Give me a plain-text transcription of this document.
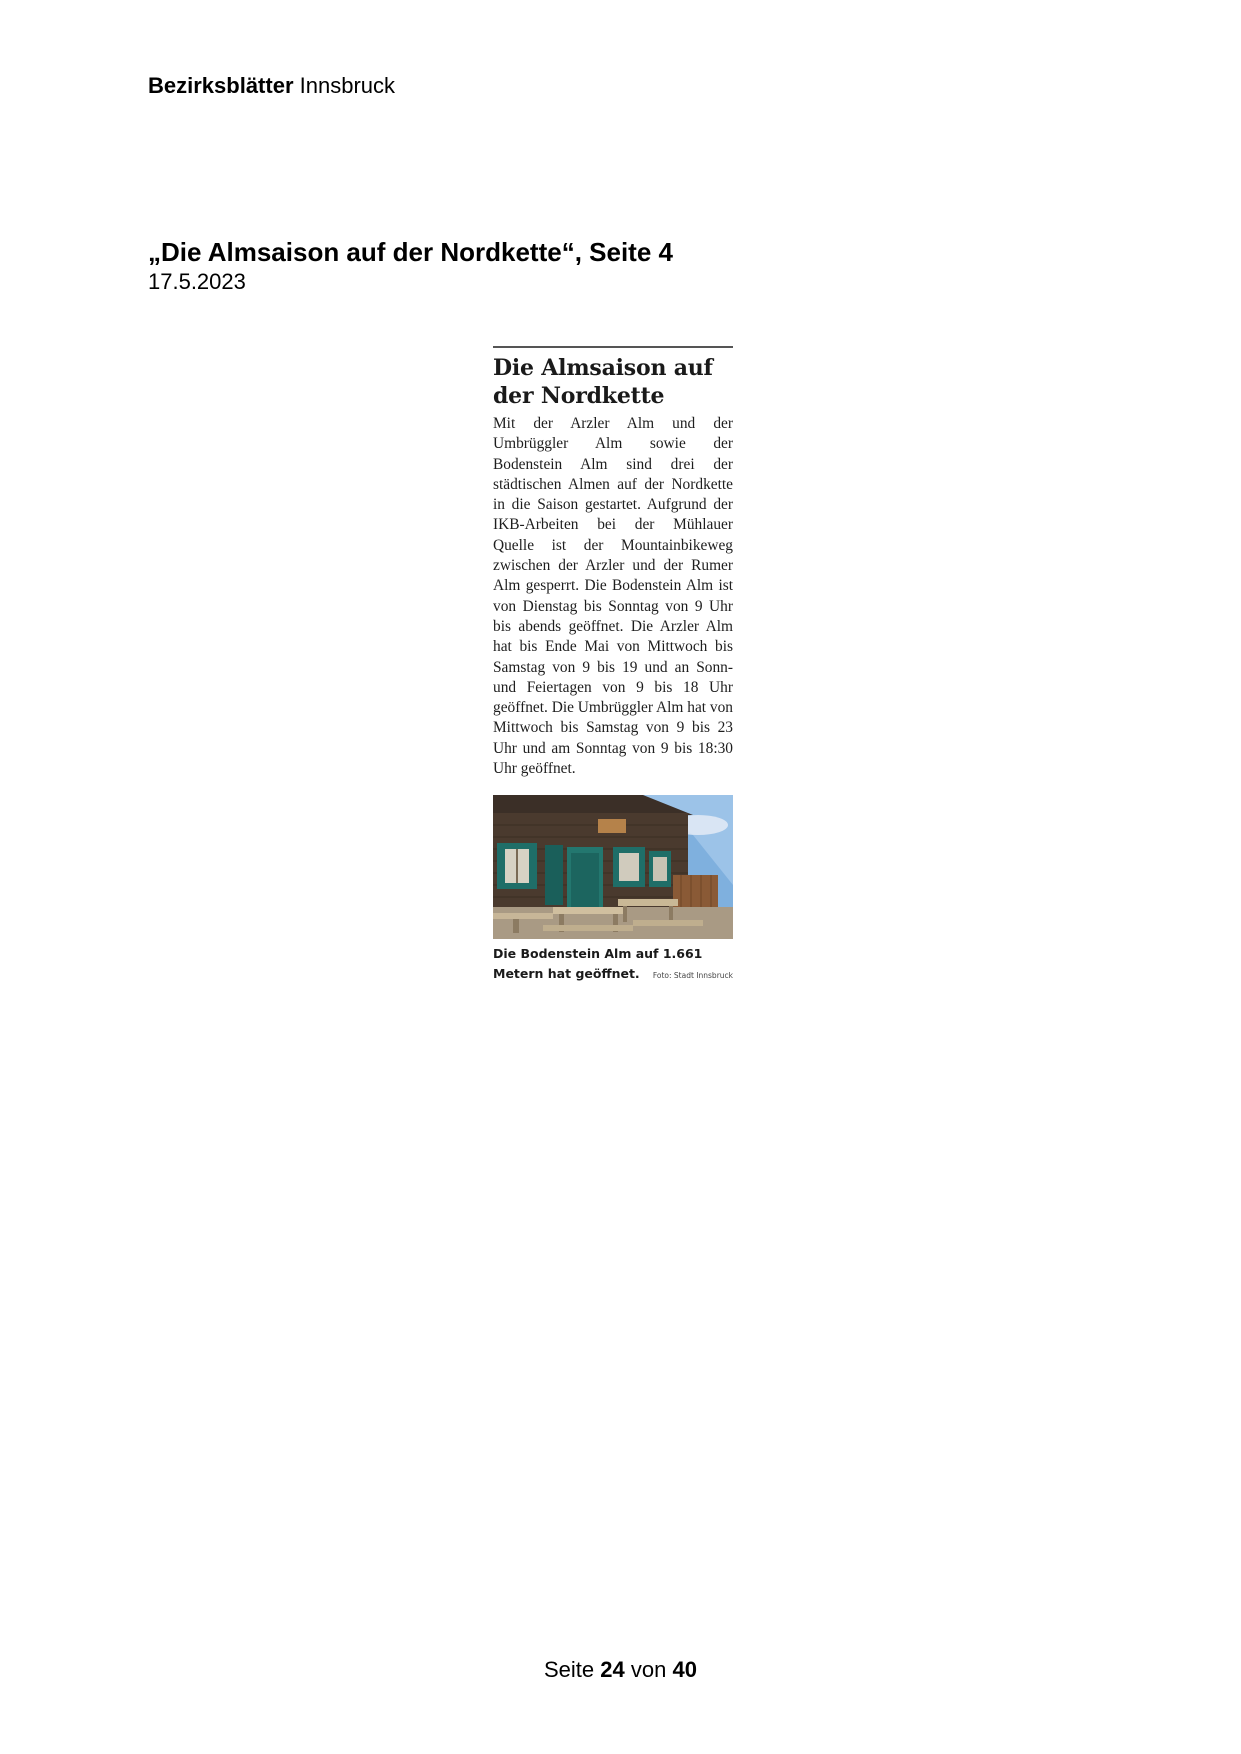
Bezirksblätter Innsbruck
„Die Almsaison auf der Nordkette“, Seite 4
17.5.2023
Die Almsaison auf der Nordkette
Mit der Arzler Alm und der Umbrüggler Alm sowie der Bodenstein Alm sind drei der städtischen Almen auf der Nordkette in die Saison gestartet. Aufgrund der IKB-Arbeiten bei der Mühlauer Quelle ist der Mountainbikeweg zwischen der Arzler und der Rumer Alm gesperrt. Die Bodenstein Alm ist von Dienstag bis Sonntag von 9 Uhr bis abends geöffnet. Die Arzler Alm hat bis Ende Mai von Mittwoch bis Samstag von 9 bis 19 und an Sonn- und Feiertagen von 9 bis 18 Uhr geöffnet. Die Umbrüggler Alm hat von Mittwoch bis Samstag von 9 bis 23 Uhr und am Sonntag von 9 bis 18:30 Uhr geöffnet.
Die Bodenstein Alm auf 1.661 Metern hat geöffnet.	Foto: Stadt Innsbruck
Seite 24 von 40
